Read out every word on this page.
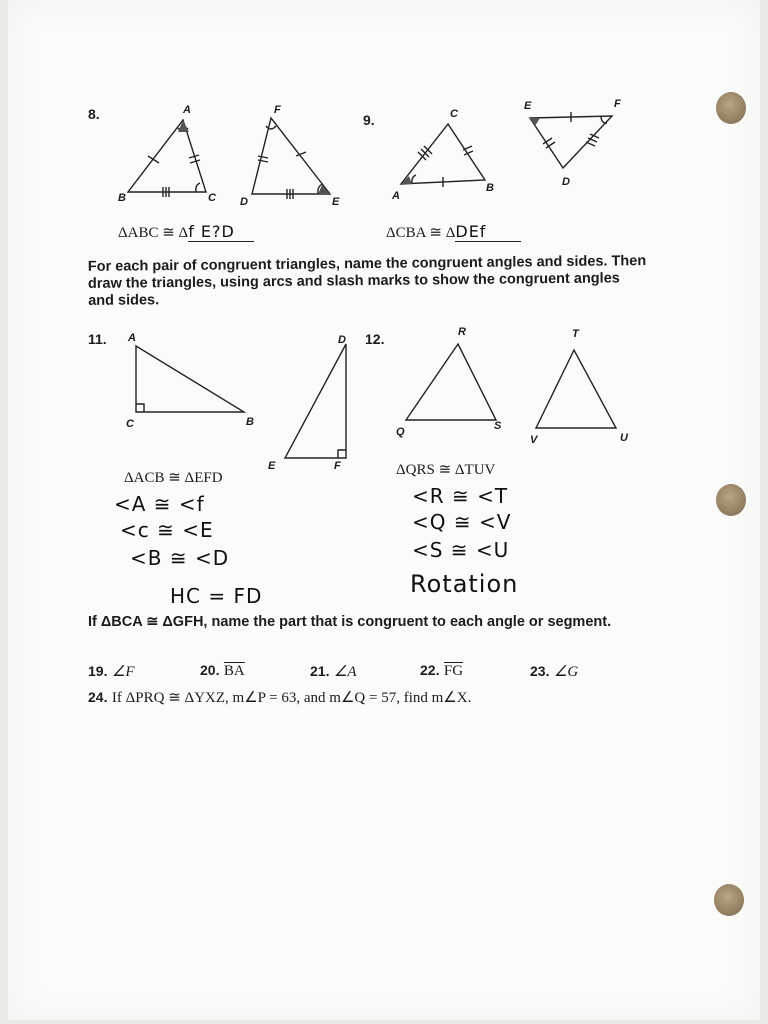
8.	A
B	C
F
D	E
ΔABC ≅ Δf E?D
9.	C
A
B
E	F
D
ΔCBA ≅ ΔDEf
For each pair of congruent triangles, name the congruent angles and sides. Then draw the triangles, using arcs and slash marks to show the congruent angles and sides.
11. A
C	B
D
E	F
ΔACB ≅ ΔEFD
<A ≅ <f
<c ≅ <E
<B ≅ <D
HC = FD
12.	R
Q	S
T
V	U
ΔQRS ≅ ΔTUV
<R ≅ <T
<Q ≅ <V
<S ≅ <U
Rotation
If ΔBCA ≅ ΔGFH, name the part that is congruent to each angle or segment.
19. ∠F	20. $\overline{BA}$	21. ∠A	22. $\overline{FG}$	23. ∠G
24. If ΔPRQ ≅ ΔYXZ, m∠P = 63, and m∠Q = 57, find m∠X.
